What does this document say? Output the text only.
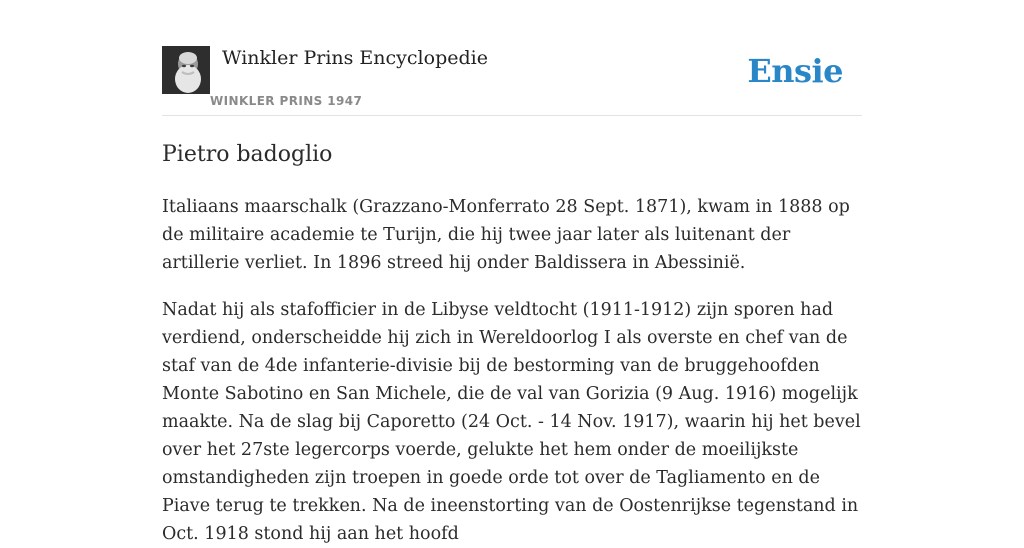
Winkler Prins Encyclopedie
WINKLER PRINS 1947
Ensie
Pietro badoglio

Italiaans maarschalk (Grazzano-Monferrato 28 Sept. 1871), kwam in 1888 op de militaire academie te Turijn, die hij twee jaar later als luitenant der artillerie verliet. In 1896 streed hij onder Baldissera in Abessinië.

Nadat hij als stafofficier in de Libyse veldtocht (1911-1912) zijn sporen had verdiend, onderscheidde hij zich in Wereldoorlog I als overste en chef van de staf van de 4de infanterie-divisie bij de bestorming van de bruggehoofden Monte Sabotino en San Michele, die de val van Gorizia (9 Aug. 1916) mogelijk maakte. Na de slag bij Caporetto (24 Oct. - 14 Nov. 1917), waarin hij het bevel over het 27ste legercorps voerde, gelukte het hem onder de moeilijkste omstandigheden zijn troepen in goede orde tot over de Tagliamento en de Piave terug te trekken. Na de ineenstorting van de Oostenrijkse tegenstand in Oct. 1918 stond hij aan het hoofd
